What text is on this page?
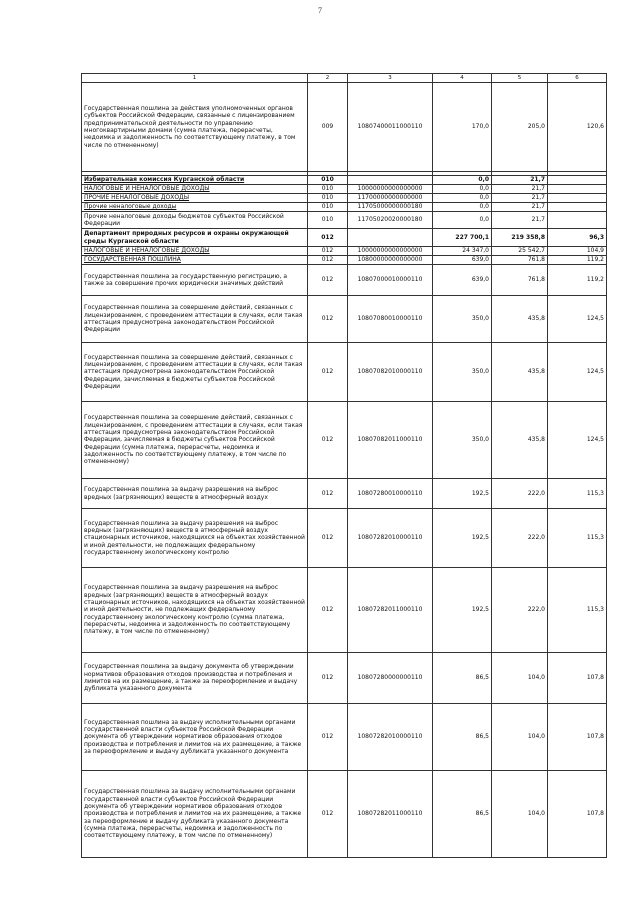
7
1	2	3	4	5	6
Государственная пошлина за действия уполномоченных органов субъектов Российской Федерации, связанные с лицензированием предпринимательской деятельности по управлению многоквартирными домами (сумма платежа, перерасчеты, недоимка и задолженность по соответствующему платежу, в том числе по отмененному)	009	10807400011000110	170,0	205,0	120,6

Избирательная комиссия Курганской области	010		0,0	21,7	
НАЛОГОВЫЕ И НЕНАЛОГОВЫЕ ДОХОДЫ	010	10000000000000000	0,0	21,7	
ПРОЧИЕ НЕНАЛОГОВЫЕ ДОХОДЫ	010	11700000000000000	0,0	21,7	
Прочие неналоговые доходы	010	11705000000000180	0,0	21,7	
Прочие неналоговые доходы бюджетов субъектов Российской Федерации	010	11705020020000180	0,0	21,7	
Департамент природных ресурсов и охраны окружающей среды Курганской области	012		227 700,1	219 358,8	96,3
НАЛОГОВЫЕ И НЕНАЛОГОВЫЕ ДОХОДЫ	012	10000000000000000	24 347,0	25 542,7	104,9
ГОСУДАРСТВЕННАЯ ПОШЛИНА	012	10800000000000000	639,0	761,8	119,2
Государственная пошлина за государственную регистрацию, а также за совершение прочих юридически значимых действий	012	10807000010000110	639,0	761,8	119,2
Государственная пошлина за совершение действий, связанных с лицензированием, с проведением аттестации в случаях, если такая аттестация предусмотрена законодательством Российской Федерации	012	10807080010000110	350,0	435,8	124,5
Государственная пошлина за совершение действий, связанных с лицензированием, с проведением аттестации в случаях, если такая аттестация предусмотрена законодательством Российской Федерации, зачисляемая в бюджеты субъектов Российской Федерации	012	10807082010000110	350,0	435,8	124,5
Государственная пошлина за совершение действий, связанных с лицензированием, с проведением аттестации в случаях, если такая аттестация предусмотрена законодательством Российской Федерации, зачисляемая в бюджеты субъектов Российской Федерации (сумма платежа, перерасчеты, недоимка и задолженность по соответствующему платежу, в том числе по отмененному)	012	10807082011000110	350,0	435,8	124,5
Государственная пошлина за выдачу разрешения на выброс вредных (загрязняющих) веществ в атмосферный воздух	012	10807280010000110	192,5	222,0	115,3
Государственная пошлина за выдачу разрешения на выброс вредных (загрязняющих) веществ в атмосферный воздух стационарных источников, находящихся на объектах хозяйственной и иной деятельности, не подлежащих федеральному государственному экологическому контролю	012	10807282010000110	192,5	222,0	115,3
Государственная пошлина за выдачу разрешения на выброс вредных (загрязняющих) веществ в атмосферный воздух стационарных источников, находящихся на объектах хозяйственной и иной деятельности, не подлежащих федеральному государственному экологическому контролю (сумма платежа, перерасчеты, недоимка и задолженность по соответствующему платежу, в том числе по отмененному)	012	10807282011000110	192,5	222,0	115,3
Государственная пошлина за выдачу документа об утверждении нормативов образования отходов производства и потребления и лимитов на их размещение, а также за переоформление и выдачу дубликата указанного документа	012	10807280000000110	86,5	104,0	107,8
Государственная пошлина за выдачу исполнительными органами государственной власти субъектов Российской Федерации документа об утверждении нормативов образования отходов производства и потребления и лимитов на их размещение, а также за переоформление и выдачу дубликата указанного документа	012	10807282010000110	86,5	104,0	107,8
Государственная пошлина за выдачу исполнительными органами государственной власти субъектов Российской Федерации документа об утверждении нормативов образования отходов производства и потребления и лимитов на их размещение, а также за переоформление и выдачу дубликата указанного документа (сумма платежа, перерасчеты, недоимка и задолженность по соответствующему платежу, в том числе по отмененному)	012	10807282011000110	86,5	104,0	107,8
